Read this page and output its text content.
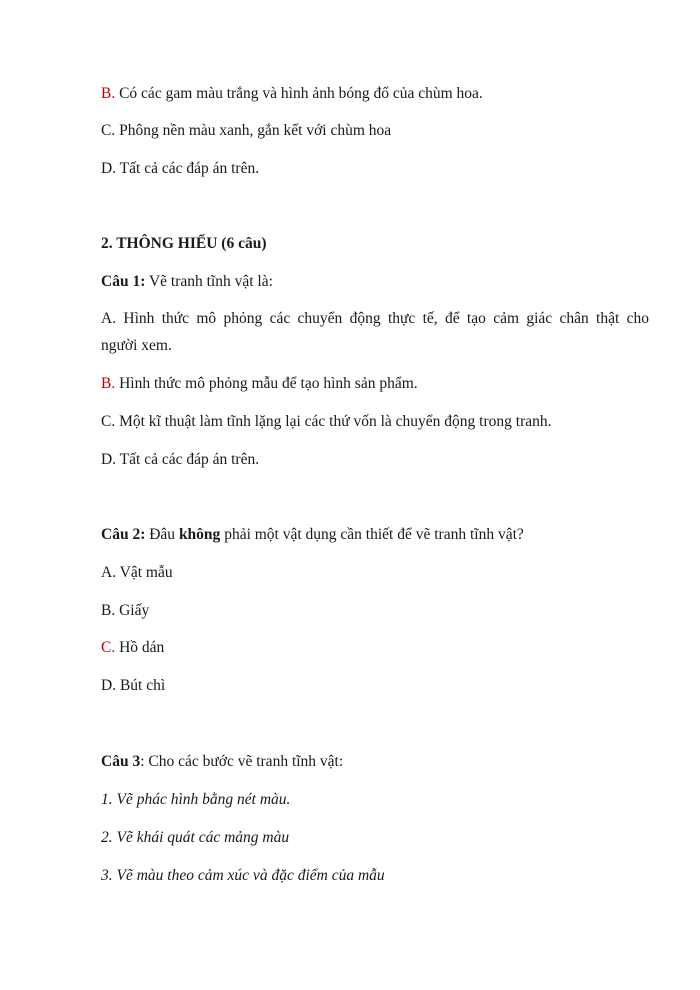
B. Có các gam màu trắng và hình ảnh bóng đổ của chùm hoa.
C. Phông nền màu xanh, gắn kết với chùm hoa
D. Tất cả các đáp án trên.
2. THÔNG HIỂU (6 câu)
Câu 1: Vẽ tranh tĩnh vật là:
A. Hình thức mô phỏng các chuyển động thực tế, để tạo cảm giác chân thật cho
người xem.
B. Hình thức mô phỏng mẫu để tạo hình sản phẩm.
C. Một kĩ thuật làm tĩnh lặng lại các thứ vốn là chuyển động trong tranh.
D. Tất cả các đáp án trên.
Câu 2: Đâu không phải một vật dụng cần thiết để vẽ tranh tĩnh vật?
A. Vật mẫu
B. Giấy
C. Hồ dán
D. Bút chì
Câu 3: Cho các bước vẽ tranh tĩnh vật:
1. Vẽ phác hình bằng nét màu.
2. Vẽ khái quát các mảng màu
3. Vẽ màu theo cảm xúc và đặc điểm của mẫu
